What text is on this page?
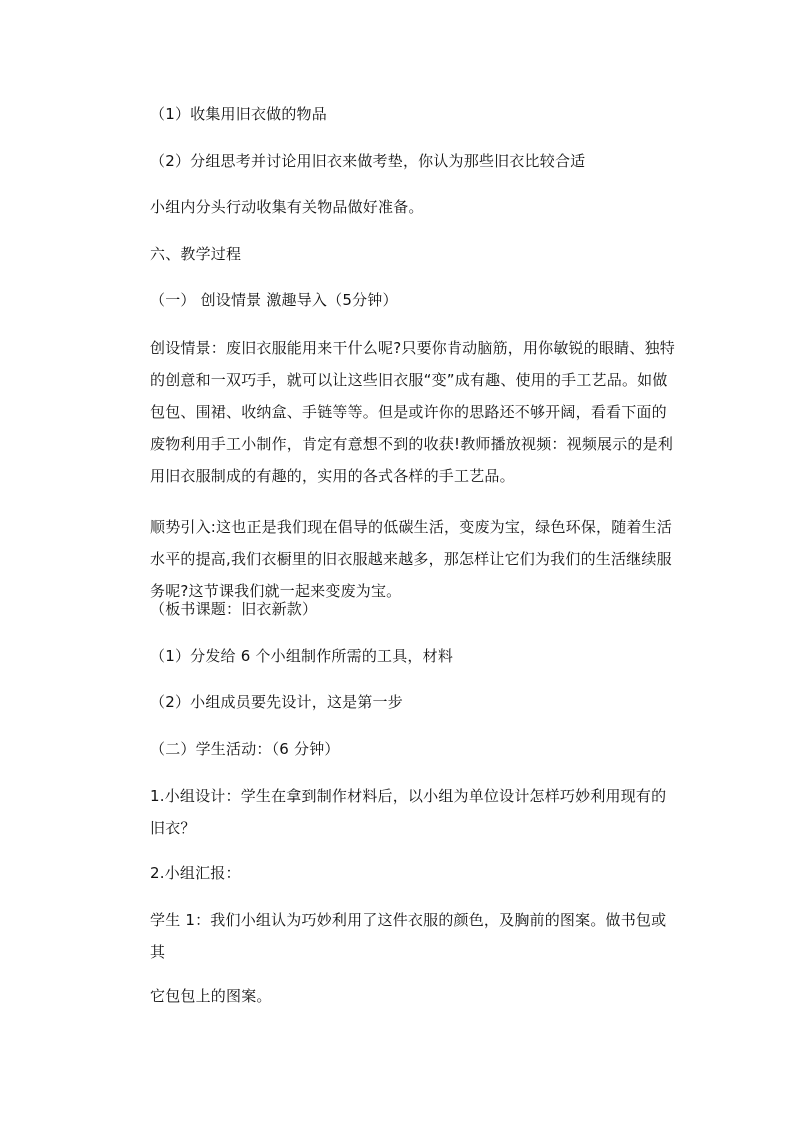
（1）收集用旧衣做的物品
（2）分组思考并讨论用旧衣来做考垫，你认为那些旧衣比较合适
小组内分头行动收集有关物品做好准备。
六、教学过程
（一） 创设情景 激趣导入（5分钟）
创设情景：废旧衣服能用来干什么呢?只要你肯动脑筋，用你敏锐的眼睛、独特的创意和一双巧手，就可以让这些旧衣服“变”成有趣、使用的手工艺品。如做包包、围裙、收纳盒、手链等等。但是或许你的思路还不够开阔，看看下面的废物利用手工小制作，肯定有意想不到的收获!教师播放视频：视频展示的是利用旧衣服制成的有趣的，实用的各式各样的手工艺品。
顺势引入:这也正是我们现在倡导的低碳生活，变废为宝，绿色环保，随着生活水平的提高,我们衣橱里的旧衣服越来越多，那怎样让它们为我们的生活继续服务呢?这节课我们就一起来变废为宝。
（板书课题：旧衣新款）
（1）分发给 6 个小组制作所需的工具，材料
（2）小组成员要先设计，这是第一步
（二）学生活动：（6 分钟）
1.小组设计：学生在拿到制作材料后，以小组为单位设计怎样巧妙利用现有的旧衣？
2.小组汇报：
学生 1：我们小组认为巧妙利用了这件衣服的颜色，及胸前的图案。做书包或其
它包包上的图案。
